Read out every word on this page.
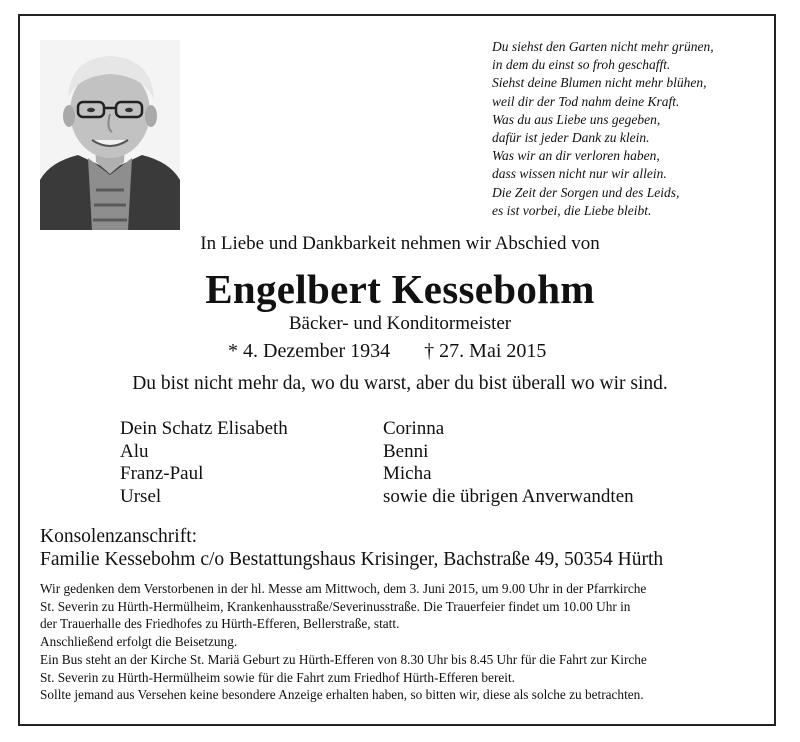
Du siehst den Garten nicht mehr grünen,
in dem du einst so froh geschafft.
Siehst deine Blumen nicht mehr blühen,
weil dir der Tod nahm deine Kraft.
Was du aus Liebe uns gegeben,
dafür ist jeder Dank zu klein.
Was wir an dir verloren haben,
dass wissen nicht nur wir allein.
Die Zeit der Sorgen und des Leids,
es ist vorbei, die Liebe bleibt.
In Liebe und Dankbarkeit nehmen wir Abschied von
Engelbert Kessebohm
Bäcker- und Konditormeister
* 4. Dezember 1934 † 27. Mai 2015
Du bist nicht mehr da, wo du warst, aber du bist überall wo wir sind.
Dein Schatz Elisabeth
Alu
Franz-Paul
Ursel
Corinna
Benni
Micha
sowie die übrigen Anverwandten
Konsolenzanschrift:
Familie Kessebohm c/o Bestattungshaus Krisinger, Bachstraße 49, 50354 Hürth
Wir gedenken dem Verstorbenen in der hl. Messe am Mittwoch, dem 3. Juni 2015, um 9.00 Uhr in der Pfarrkirche
St. Severin zu Hürth-Hermülheim, Krankenhausstraße/Severinusstraße. Die Trauerfeier findet um 10.00 Uhr in
der Trauerhalle des Friedhofes zu Hürth-Efferen, Bellerstraße, statt.
Anschließend erfolgt die Beisetzung.
Ein Bus steht an der Kirche St. Mariä Geburt zu Hürth-Efferen von 8.30 Uhr bis 8.45 Uhr für die Fahrt zur Kirche
St. Severin zu Hürth-Hermülheim sowie für die Fahrt zum Friedhof Hürth-Efferen bereit.
Sollte jemand aus Versehen keine besondere Anzeige erhalten haben, so bitten wir, diese als solche zu betrachten.
